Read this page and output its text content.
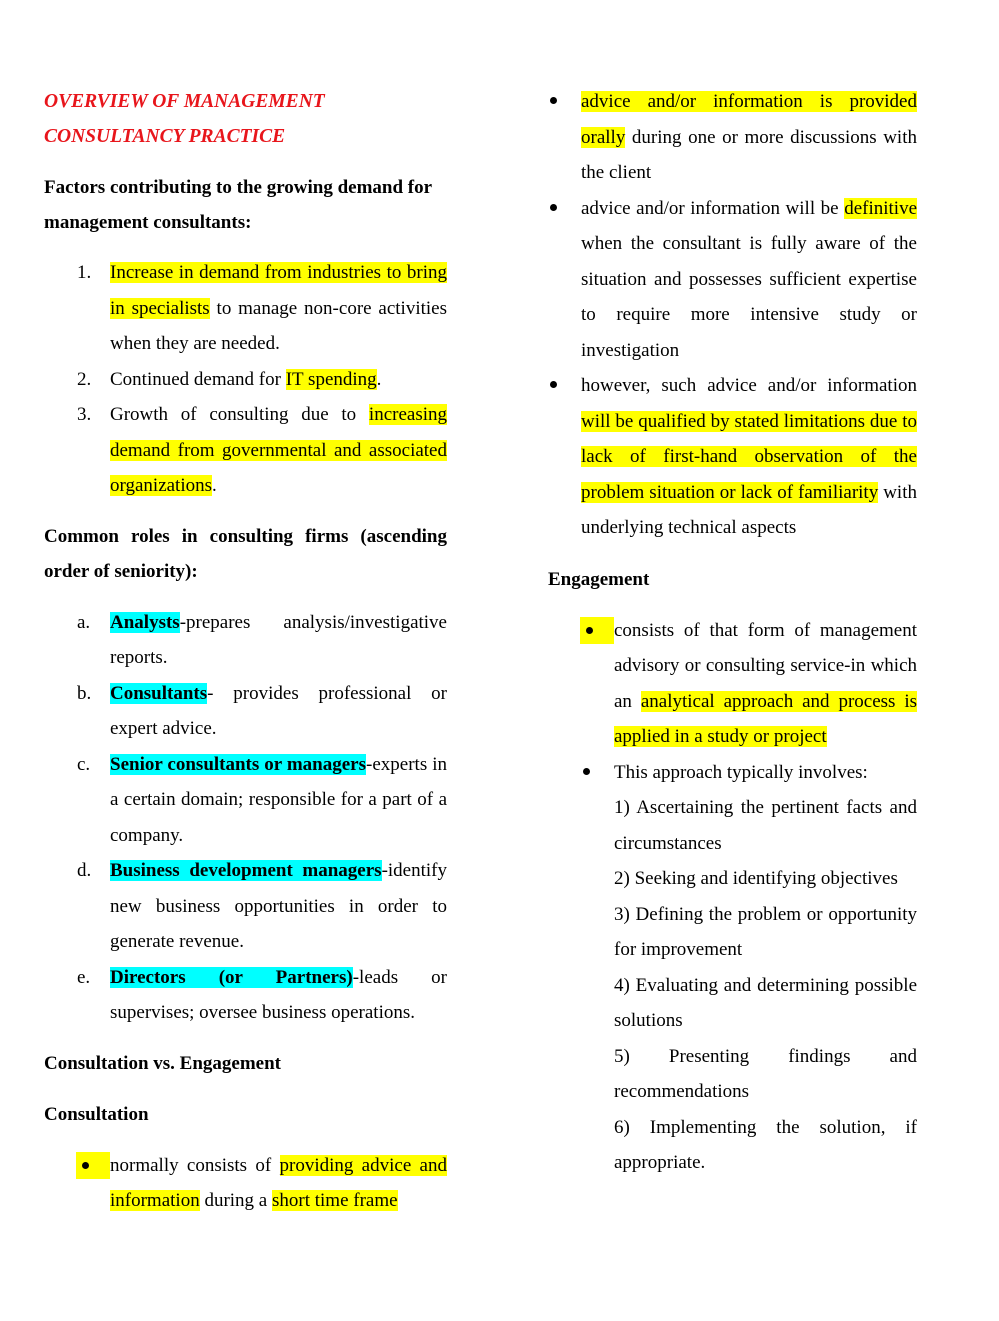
OVERVIEW OF MANAGEMENT
CONSULTANCY PRACTICE

Factors contributing to the growing demand for management consultants:

1. Increase in demand from industries to bring in specialists to manage non-core activities when they are needed.
2. Continued demand for IT spending.
3. Growth of consulting due to increasing demand from governmental and associated organizations.

Common roles in consulting firms (ascending order of seniority):

a. Analysts-prepares analysis/investigative reports.
b. Consultants- provides professional or expert advice.
c. Senior consultants or managers-experts in a certain domain; responsible for a part of a company.
d. Business development managers-identify new business opportunities in order to generate revenue.
e. Directors (or Partners)-leads or supervises; oversee business operations.

Consultation vs. Engagement

Consultation

normally consists of providing advice and information during a short time frame
advice and/or information is provided orally during one or more discussions with the client
advice and/or information will be definitive when the consultant is fully aware of the situation and possesses sufficient expertise to require more intensive study or investigation
however, such advice and/or information will be qualified by stated limitations due to lack of first-hand observation of the problem situation or lack of familiarity with underlying technical aspects

Engagement

consists of that form of management advisory or consulting service-in which an analytical approach and process is applied in a study or project
This approach typically involves:
1) Ascertaining the pertinent facts and circumstances
2) Seeking and identifying objectives
3) Defining the problem or opportunity for improvement
4) Evaluating and determining possible solutions
5) Presenting findings and recommendations
6) Implementing the solution, if appropriate.
